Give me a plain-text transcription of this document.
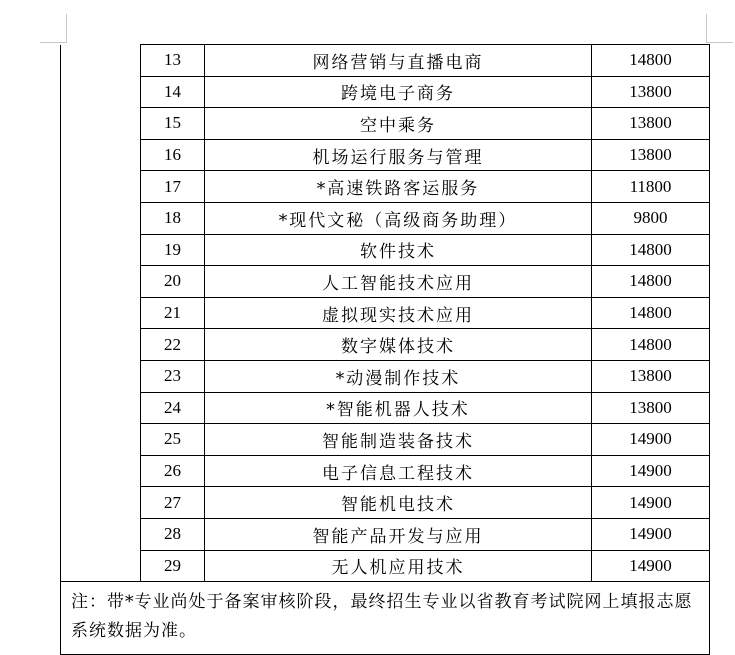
	13	网络营销与直播电商	14800
	14	跨境电子商务	13800
	15	空中乘务	13800
	16	机场运行服务与管理	13800
	17	*高速铁路客运服务	11800
	18	*现代文秘（高级商务助理）	9800
	19	软件技术	14800
	20	人工智能技术应用	14800
	21	虚拟现实技术应用	14800
	22	数字媒体技术	14800
	23	*动漫制作技术	13800
	24	*智能机器人技术	13800
	25	智能制造装备技术	14900
	26	电子信息工程技术	14900
	27	智能机电技术	14900
	28	智能产品开发与应用	14900
	29	无人机应用技术	14900
注：带*专业尚处于备案审核阶段，最终招生专业以省教育考试院网上填报志愿系统数据为准。			
